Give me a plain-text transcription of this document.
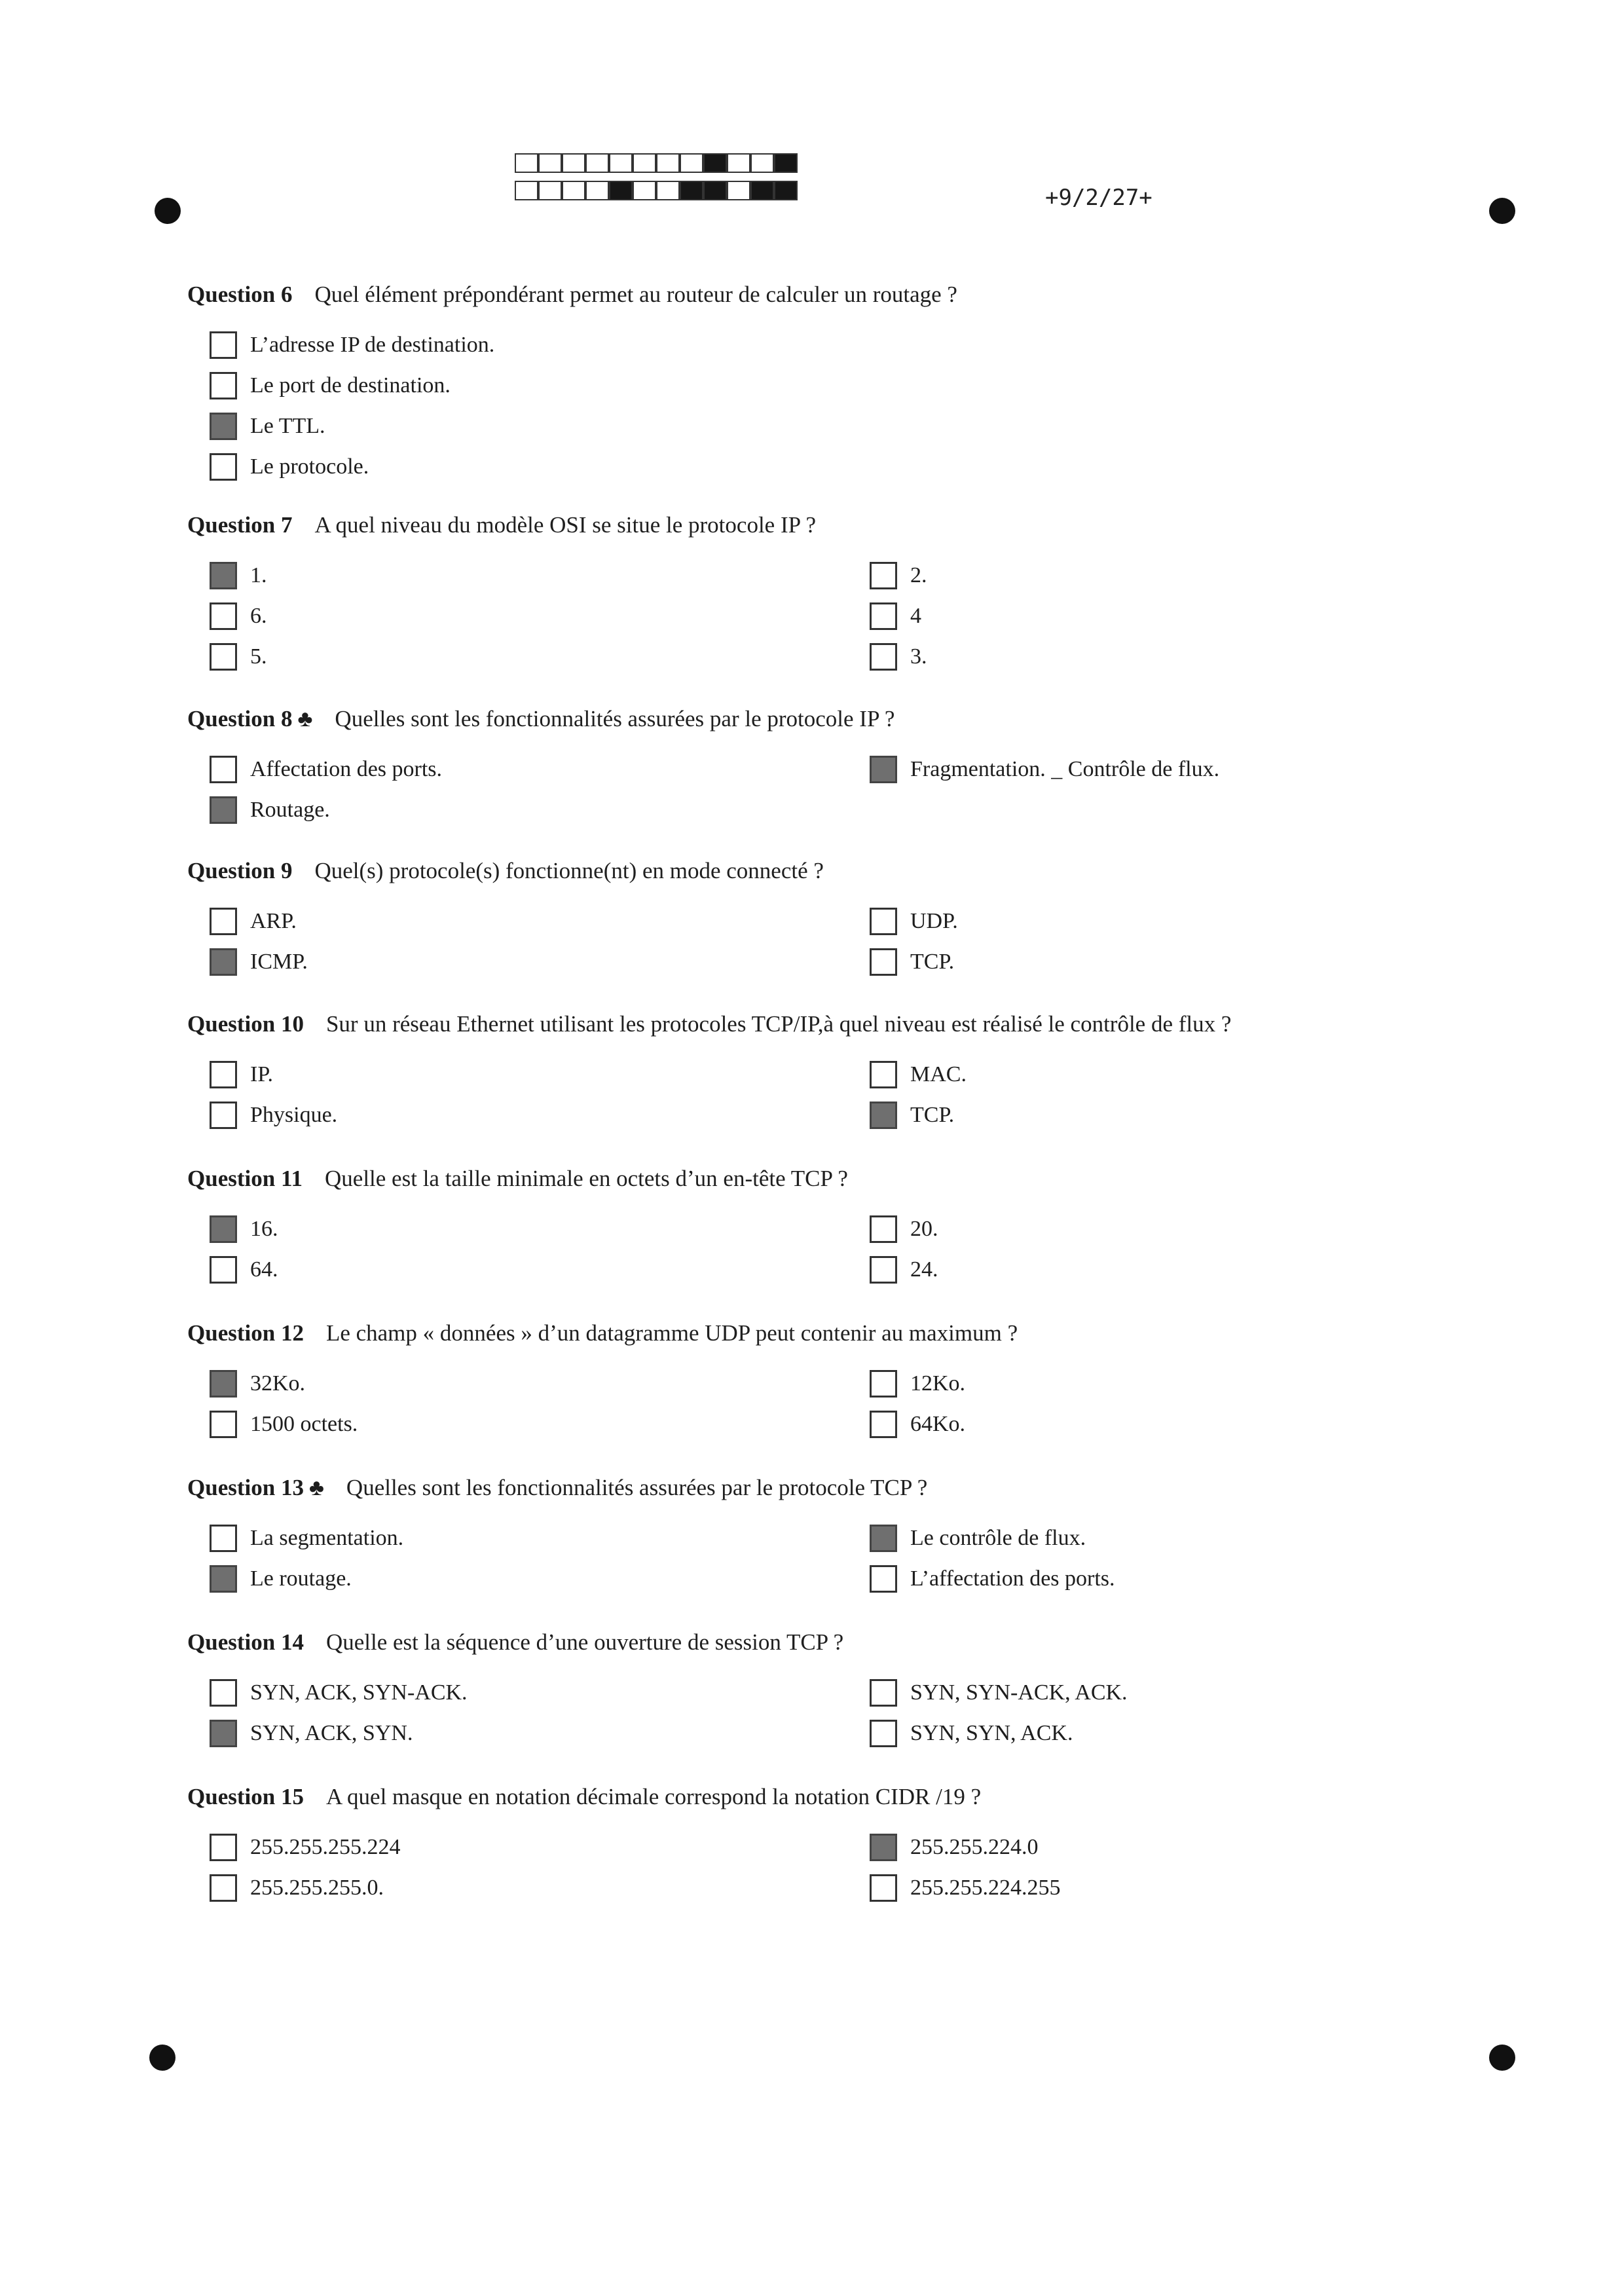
+9/2/27+
Question 6 Quel élément prépondérant permet au routeur de calculer un routage ?
L’adresse IP de destination.
Le port de destination.
Le TTL.
Le protocole.
Question 7 A quel niveau du modèle OSI se situe le protocole IP ?
1.	2.
6.	4
5.	3.
Question 8 ♣ Quelles sont les fonctionnalités assurées par le protocole IP ?
Affectation des ports.	Fragmentation. _ Contrôle de flux.
Routage.
Question 9 Quel(s) protocole(s) fonctionne(nt) en mode connecté ?
ARP.	UDP.
ICMP.	TCP.
Question 10 Sur un réseau Ethernet utilisant les protocoles TCP/IP,à quel niveau est réalisé le contrôle de flux ?
IP.	MAC.
Physique.	TCP.
Question 11 Quelle est la taille minimale en octets d’un en-tête TCP ?
16.	20.
64.	24.
Question 12 Le champ « données » d’un datagramme UDP peut contenir au maximum ?
32Ko.	12Ko.
1500 octets.	64Ko.
Question 13 ♣ Quelles sont les fonctionnalités assurées par le protocole TCP ?
La segmentation.	Le contrôle de flux.
Le routage.	L’affectation des ports.
Question 14 Quelle est la séquence d’une ouverture de session TCP ?
SYN, ACK, SYN-ACK.	SYN, SYN-ACK, ACK.
SYN, ACK, SYN.	SYN, SYN, ACK.
Question 15 A quel masque en notation décimale correspond la notation CIDR /19 ?
255.255.255.224	255.255.224.0
255.255.255.0.	255.255.224.255
